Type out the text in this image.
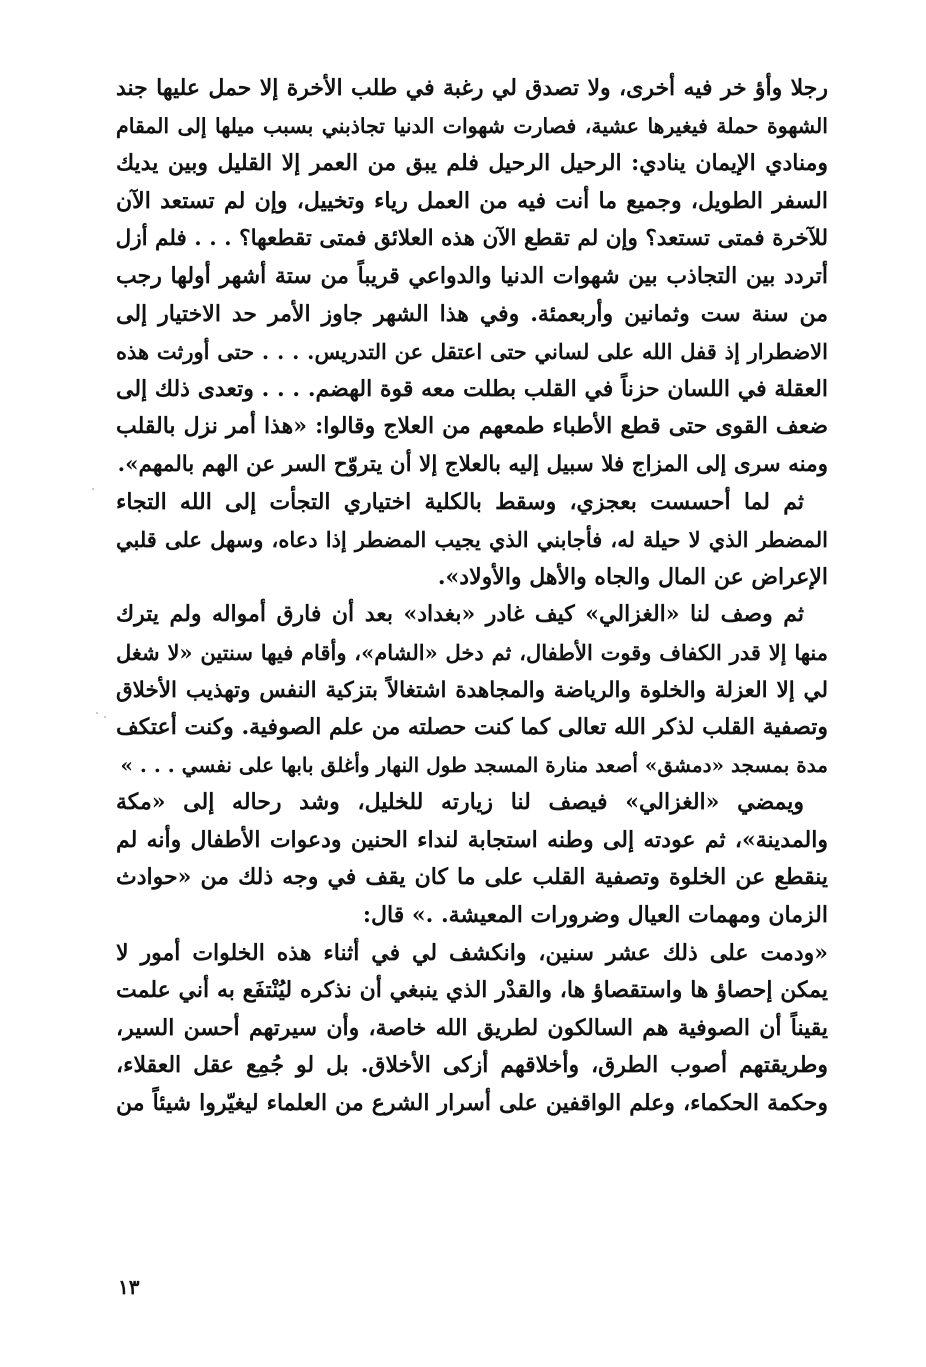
رجلا وأؤ خر فيه أخرى، ولا تصدق لي رغبة في طلب الأخرة إلا حمل عليها جند
الشهوة حملة فيغيرها عشية، فصارت شهوات الدنيا تجاذبني بسبب ميلها إلى المقام
ومنادي الإيمان ينادي: الرحيل الرحيل فلم يبق من العمر إلا القليل وبين يديك
السفر الطويل، وجميع ما أنت فيه من العمل رياء وتخييل، وإن لم تستعد الآن
للآخرة فمتى تستعد؟ وإن لم تقطع الآن هذه العلائق فمتى تقطعها؟ . . . فلم أزل
أتردد بين التجاذب بين شهوات الدنيا والدواعي قريباً من ستة أشهر أولها رجب
من سنة ست وثمانين وأربعمئة. وفي هذا الشهر جاوز الأمر حد الاختيار إلى
الاضطرار إذ قفل الله على لساني حتى اعتقل عن التدريس. . . . حتى أورثت هذه
العقلة في اللسان حزناً في القلب بطلت معه قوة الهضم. . . . وتعدى ذلك إلى
ضعف القوى حتى قطع الأطباء طمعهم من العلاج وقالوا: «هذا أمر نزل بالقلب
ومنه سرى إلى المزاج فلا سبيل إليه بالعلاج إلا أن يتروّح السر عن الهم بالمهم».
ثم لما أحسست بعجزي، وسقط بالكلية اختياري التجأت إلى الله التجاء
المضطر الذي لا حيلة له، فأجابني الذي يجيب المضطر إذا دعاه، وسهل على قلبي
الإعراض عن المال والجاه والأهل والأولاد».
ثم وصف لنا «الغزالي» كيف غادر «بغداد» بعد أن فارق أمواله ولم يترك
منها إلا قدر الكفاف وقوت الأطفال، ثم دخل «الشام»، وأقام فيها سنتين «لا شغل
لي إلا العزلة والخلوة والرياضة والمجاهدة اشتغالاً بتزكية النفس وتهذيب الأخلاق
وتصفية القلب لذكر الله تعالى كما كنت حصلته من علم الصوفية. وكنت أعتكف
مدة بمسجد «دمشق» أصعد منارة المسجد طول النهار وأغلق بابها على نفسي . . . »
ويمضي «الغزالي» فيصف لنا زيارته للخليل، وشد رحاله إلى «مكة
والمدينة»، ثم عودته إلى وطنه استجابة لنداء الحنين ودعوات الأطفال وأنه لم
ينقطع عن الخلوة وتصفية القلب على ما كان يقف في وجه ذلك من «حوادث
الزمان ومهمات العيال وضرورات المعيشة. .» قال:
«ودمت على ذلك عشر سنين، وانكشف لي في أثناء هذه الخلوات أمور لا
يمكن إحصاؤ ها واستقصاؤ ها، والقدْر الذي ينبغي أن نذكره ليُنْتفَع به أني علمت
يقيناً أن الصوفية هم السالكون لطريق الله خاصة، وأن سيرتهم أحسن السير،
وطريقتهم أصوب الطرق، وأخلاقهم أزكى الأخلاق. بل لو جُمِع عقل العقلاء،
وحكمة الحكماء، وعلم الواقفين على أسرار الشرع من العلماء ليغيّروا شيئاً من
١٣
